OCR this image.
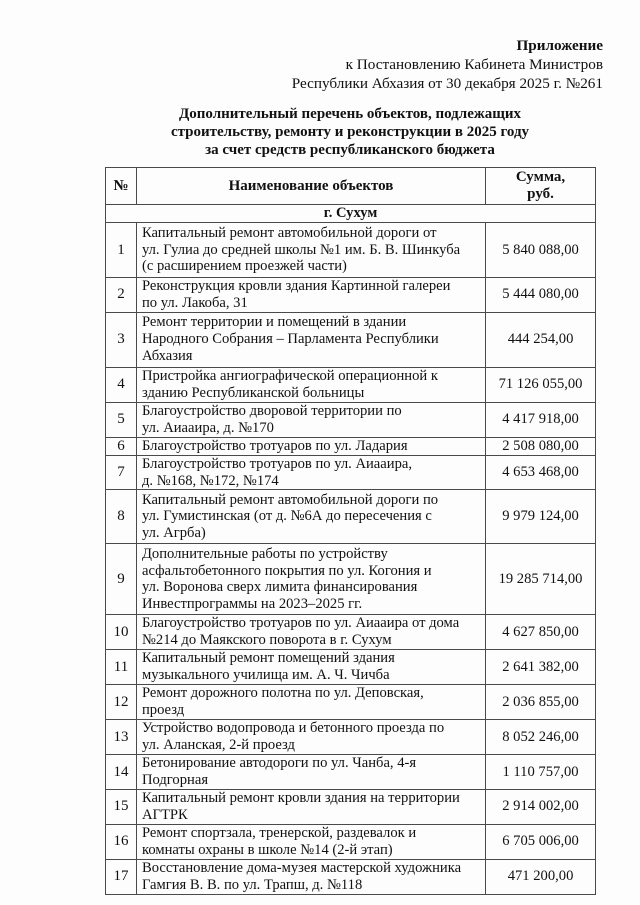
Приложение
к Постановлению Кабинета Министров
Республики Абхазия от 30 декабря 2025 г. №261
Дополнительный перечень объектов, подлежащих
строительству, ремонту и реконструкции в 2025 году
за счет средств республиканского бюджета
№	Наименование объектов	Сумма,
руб.

г. Сухум		
1	Капитальный ремонт автомобильной дороги от
ул. Гулиа до средней школы №1 им. Б. В. Шинкуба
(с расширением проезжей части)	5 840 088,00
2	Реконструкция кровли здания Картинной галереи
по ул. Лакоба, 31	5 444 080,00
3	Ремонт территории и помещений в здании
Народного Собрания – Парламента Республики
Абхазия	444 254,00
4	Пристройка ангиографической операционной к
зданию Республиканской больницы	71 126 055,00
5	Благоустройство дворовой территории по
ул. Аиааира, д. №170	4 417 918,00
6	Благоустройство тротуаров по ул. Ладария	2 508 080,00
7	Благоустройство тротуаров по ул. Аиааира,
д. №168, №172, №174	4 653 468,00
8	Капитальный ремонт автомобильной дороги по
ул. Гумистинская (от д. №6А до пересечения с
ул. Агрба)	9 979 124,00
9	Дополнительные работы по устройству
асфальтобетонного покрытия по ул. Когония и
ул. Воронова сверх лимита финансирования
Инвестпрограммы на 2023–2025 гг.	19 285 714,00
10	Благоустройство тротуаров по ул. Аиааира от дома
№214 до Маякского поворота в г. Сухум	4 627 850,00
11	Капитальный ремонт помещений здания
музыкального училища им. А. Ч. Чичба	2 641 382,00
12	Ремонт дорожного полотна по ул. Деповская,
проезд	2 036 855,00
13	Устройство водопровода и бетонного проезда по
ул. Аланская, 2-й проезд	8 052 246,00
14	Бетонирование автодороги по ул. Чанба, 4-я
Подгорная	1 110 757,00
15	Капитальный ремонт кровли здания на территории
АГТРК	2 914 002,00
16	Ремонт спортзала, тренерской, раздевалок и
комнаты охраны в школе №14 (2-й этап)	6 705 006,00
17	Восстановление дома-музея мастерской художника
Гамгия В. В. по ул. Трапш, д. №118	471 200,00
